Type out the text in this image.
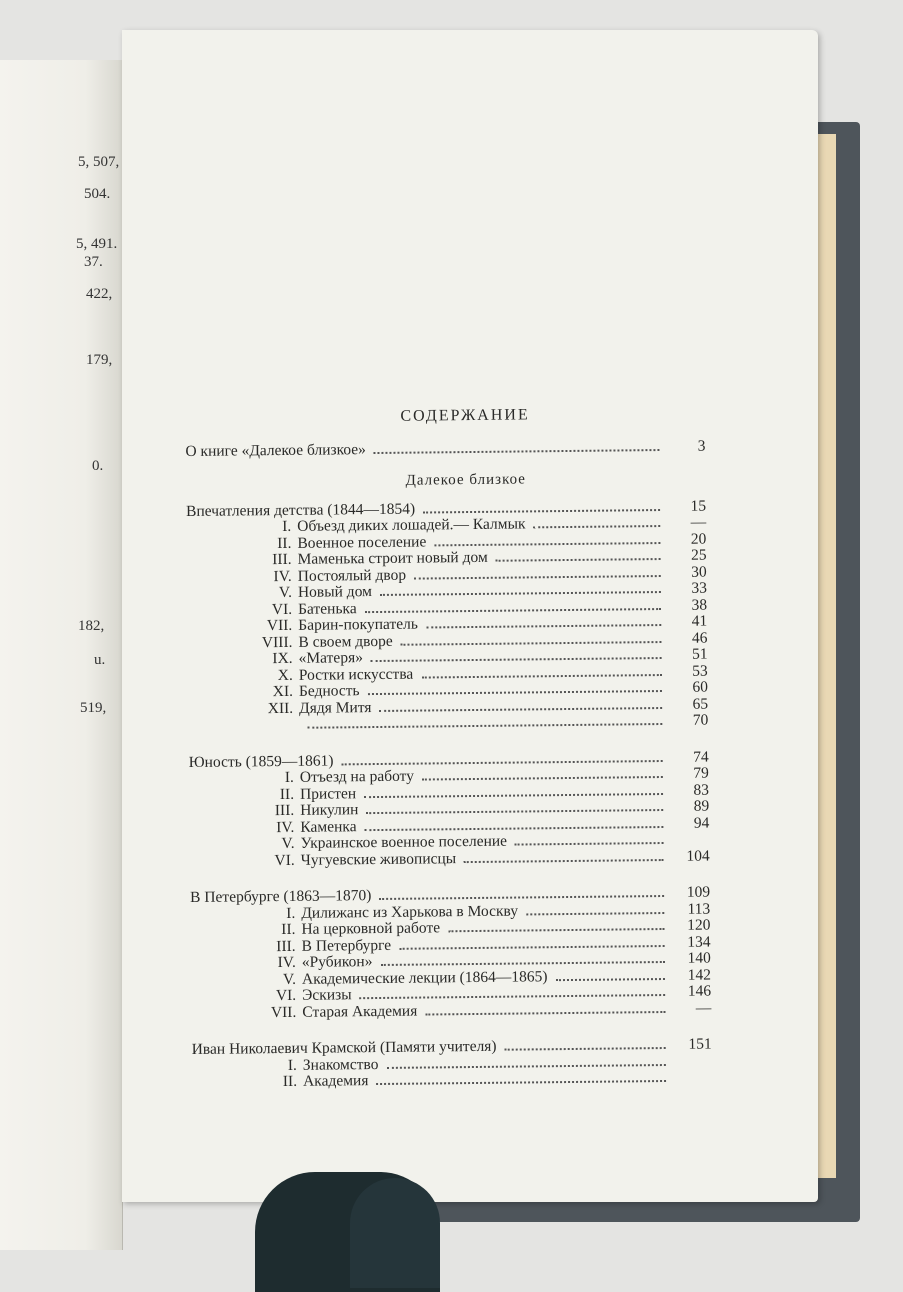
5, 507,
504.
5, 491.
37.
422,
179,
0.
182,
u.
519,
СОДЕРЖАНИЕ
О книге «Далекое близкое»	3
Далекое близкое
Впечатления детства (1844—1854)	15
I. Объезд диких лошадей.— Калмык	—
II. Военное поселение	20
III. Маменька строит новый дом	25
IV. Постоялый двор	30
V. Новый дом	33
VI. Батенька	38
VII. Барин-покупатель	41
VIII. В своем дворе	46
IX. «Матеря»	51
X. Ростки искусства	53
XI. Бедность	60
XII. Дядя Митя	65
70
Юность (1859—1861)	74
I. Отъезд на работу	79
II. Пристен	83
III. Никулин	89
IV. Каменка	94
V. Украинское военное поселение
VI. Чугуевские живописцы	104
В Петербурге (1863—1870)	109
I. Дилижанс из Харькова в Москву	113
II. На церковной работе	120
III. В Петербурге	134
IV. «Рубикон»	140
V. Академические лекции (1864—1865)	142
VI. Эскизы	146
VII. Старая Академия	—
Иван Николаевич Крамской (Памяти учителя)	151
I. Знакомство
II. Академия
